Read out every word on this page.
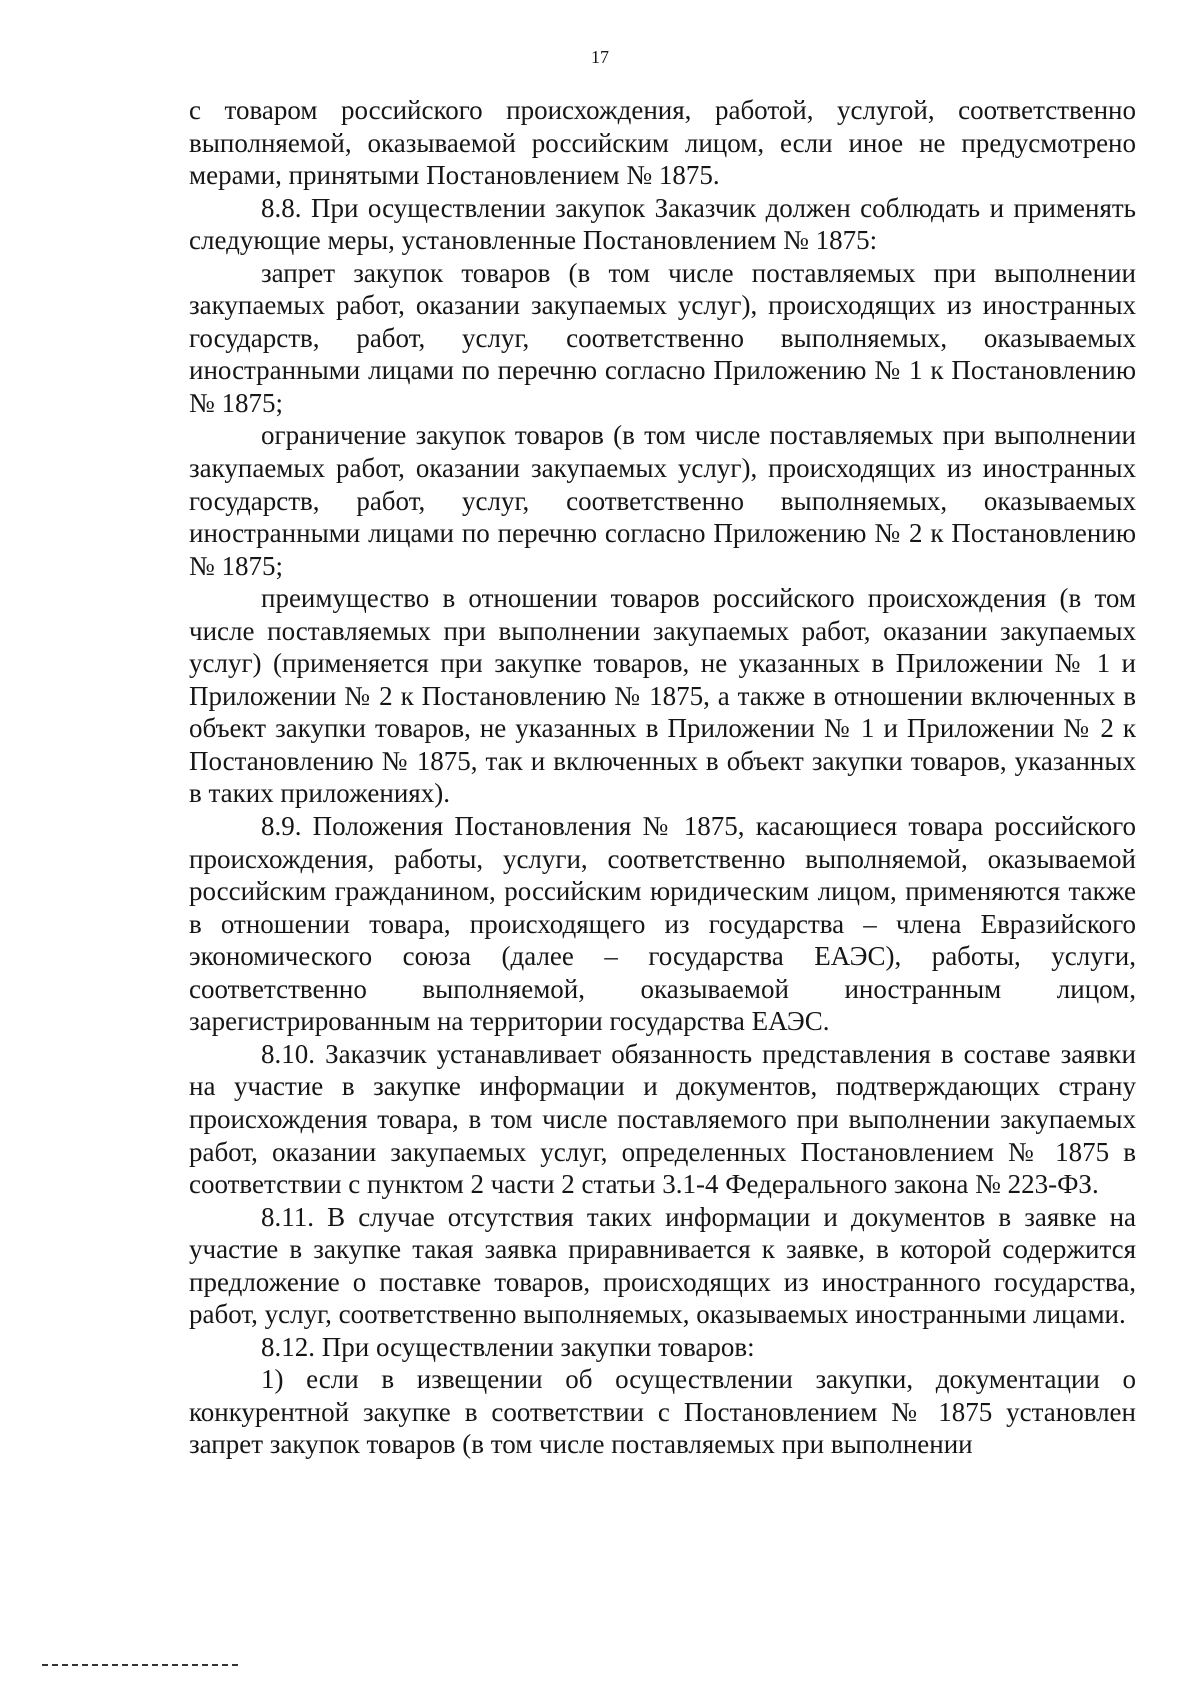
17

с товаром российского происхождения, работой, услугой, соответственно выполняемой, оказываемой российским лицом, если иное не предусмотрено мерами, принятыми Постановлением № 1875.

8.8. При осуществлении закупок Заказчик должен соблюдать и применять следующие меры, установленные Постановлением № 1875:

запрет закупок товаров (в том числе поставляемых при выполнении закупаемых работ, оказании закупаемых услуг), происходящих из иностранных государств, работ, услуг, соответственно выполняемых, оказываемых иностранными лицами по перечню согласно Приложению № 1 к Постановлению № 1875;

ограничение закупок товаров (в том числе поставляемых при выполнении закупаемых работ, оказании закупаемых услуг), происходящих из иностранных государств, работ, услуг, соответственно выполняемых, оказываемых иностранными лицами по перечню согласно Приложению № 2 к Постановлению № 1875;

преимущество в отношении товаров российского происхождения (в том числе поставляемых при выполнении закупаемых работ, оказании закупаемых услуг) (применяется при закупке товаров, не указанных в Приложении № 1 и Приложении № 2 к Постановлению № 1875, а также в отношении включенных в объект закупки товаров, не указанных в Приложении № 1 и Приложении № 2 к Постановлению № 1875, так и включенных в объект закупки товаров, указанных в таких приложениях).

8.9. Положения Постановления № 1875, касающиеся товара российского происхождения, работы, услуги, соответственно выполняемой, оказываемой российским гражданином, российским юридическим лицом, применяются также в отношении товара, происходящего из государства – члена Евразийского экономического союза (далее – государства ЕАЭС), работы, услуги, соответственно выполняемой, оказываемой иностранным лицом, зарегистрированным на территории государства ЕАЭС.

8.10. Заказчик устанавливает обязанность представления в составе заявки на участие в закупке информации и документов, подтверждающих страну происхождения товара, в том числе поставляемого при выполнении закупаемых работ, оказании закупаемых услуг, определенных Постановлением № 1875 в соответствии с пунктом 2 части 2 статьи 3.1-4 Федерального закона № 223-ФЗ.

8.11. В случае отсутствия таких информации и документов в заявке на участие в закупке такая заявка приравнивается к заявке, в которой содержится предложение о поставке товаров, происходящих из иностранного государства, работ, услуг, соответственно выполняемых, оказываемых иностранными лицами.

8.12. При осуществлении закупки товаров:

1) если в извещении об осуществлении закупки, документации о конкурентной закупке в соответствии с Постановлением № 1875 установлен запрет закупок товаров (в том числе поставляемых при выполнении
